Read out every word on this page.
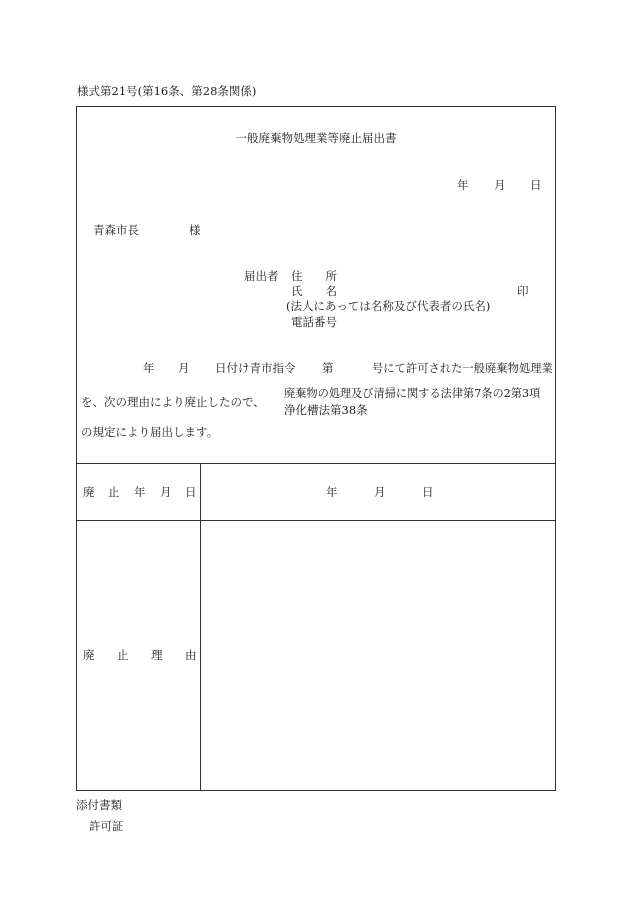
様式第21号(第16条、第28条関係)
一般廃棄物処理業等廃止届出書
年 月 日
青森市長	様
届出者 住　　所
氏　　名	印
(法人にあっては名称及び代表者の氏名)
電話番号
年 月 日付け青市指令 第	号にて許可された一般廃棄物処理業
を、次の理由により廃止したので、
廃棄物の処理及び清掃に関する法律第7条の2第3項
浄化槽法第38条
の規定により届出します。
廃 止 年 月 日	年	月	日
廃 止 理 由
添付書類
許可証
